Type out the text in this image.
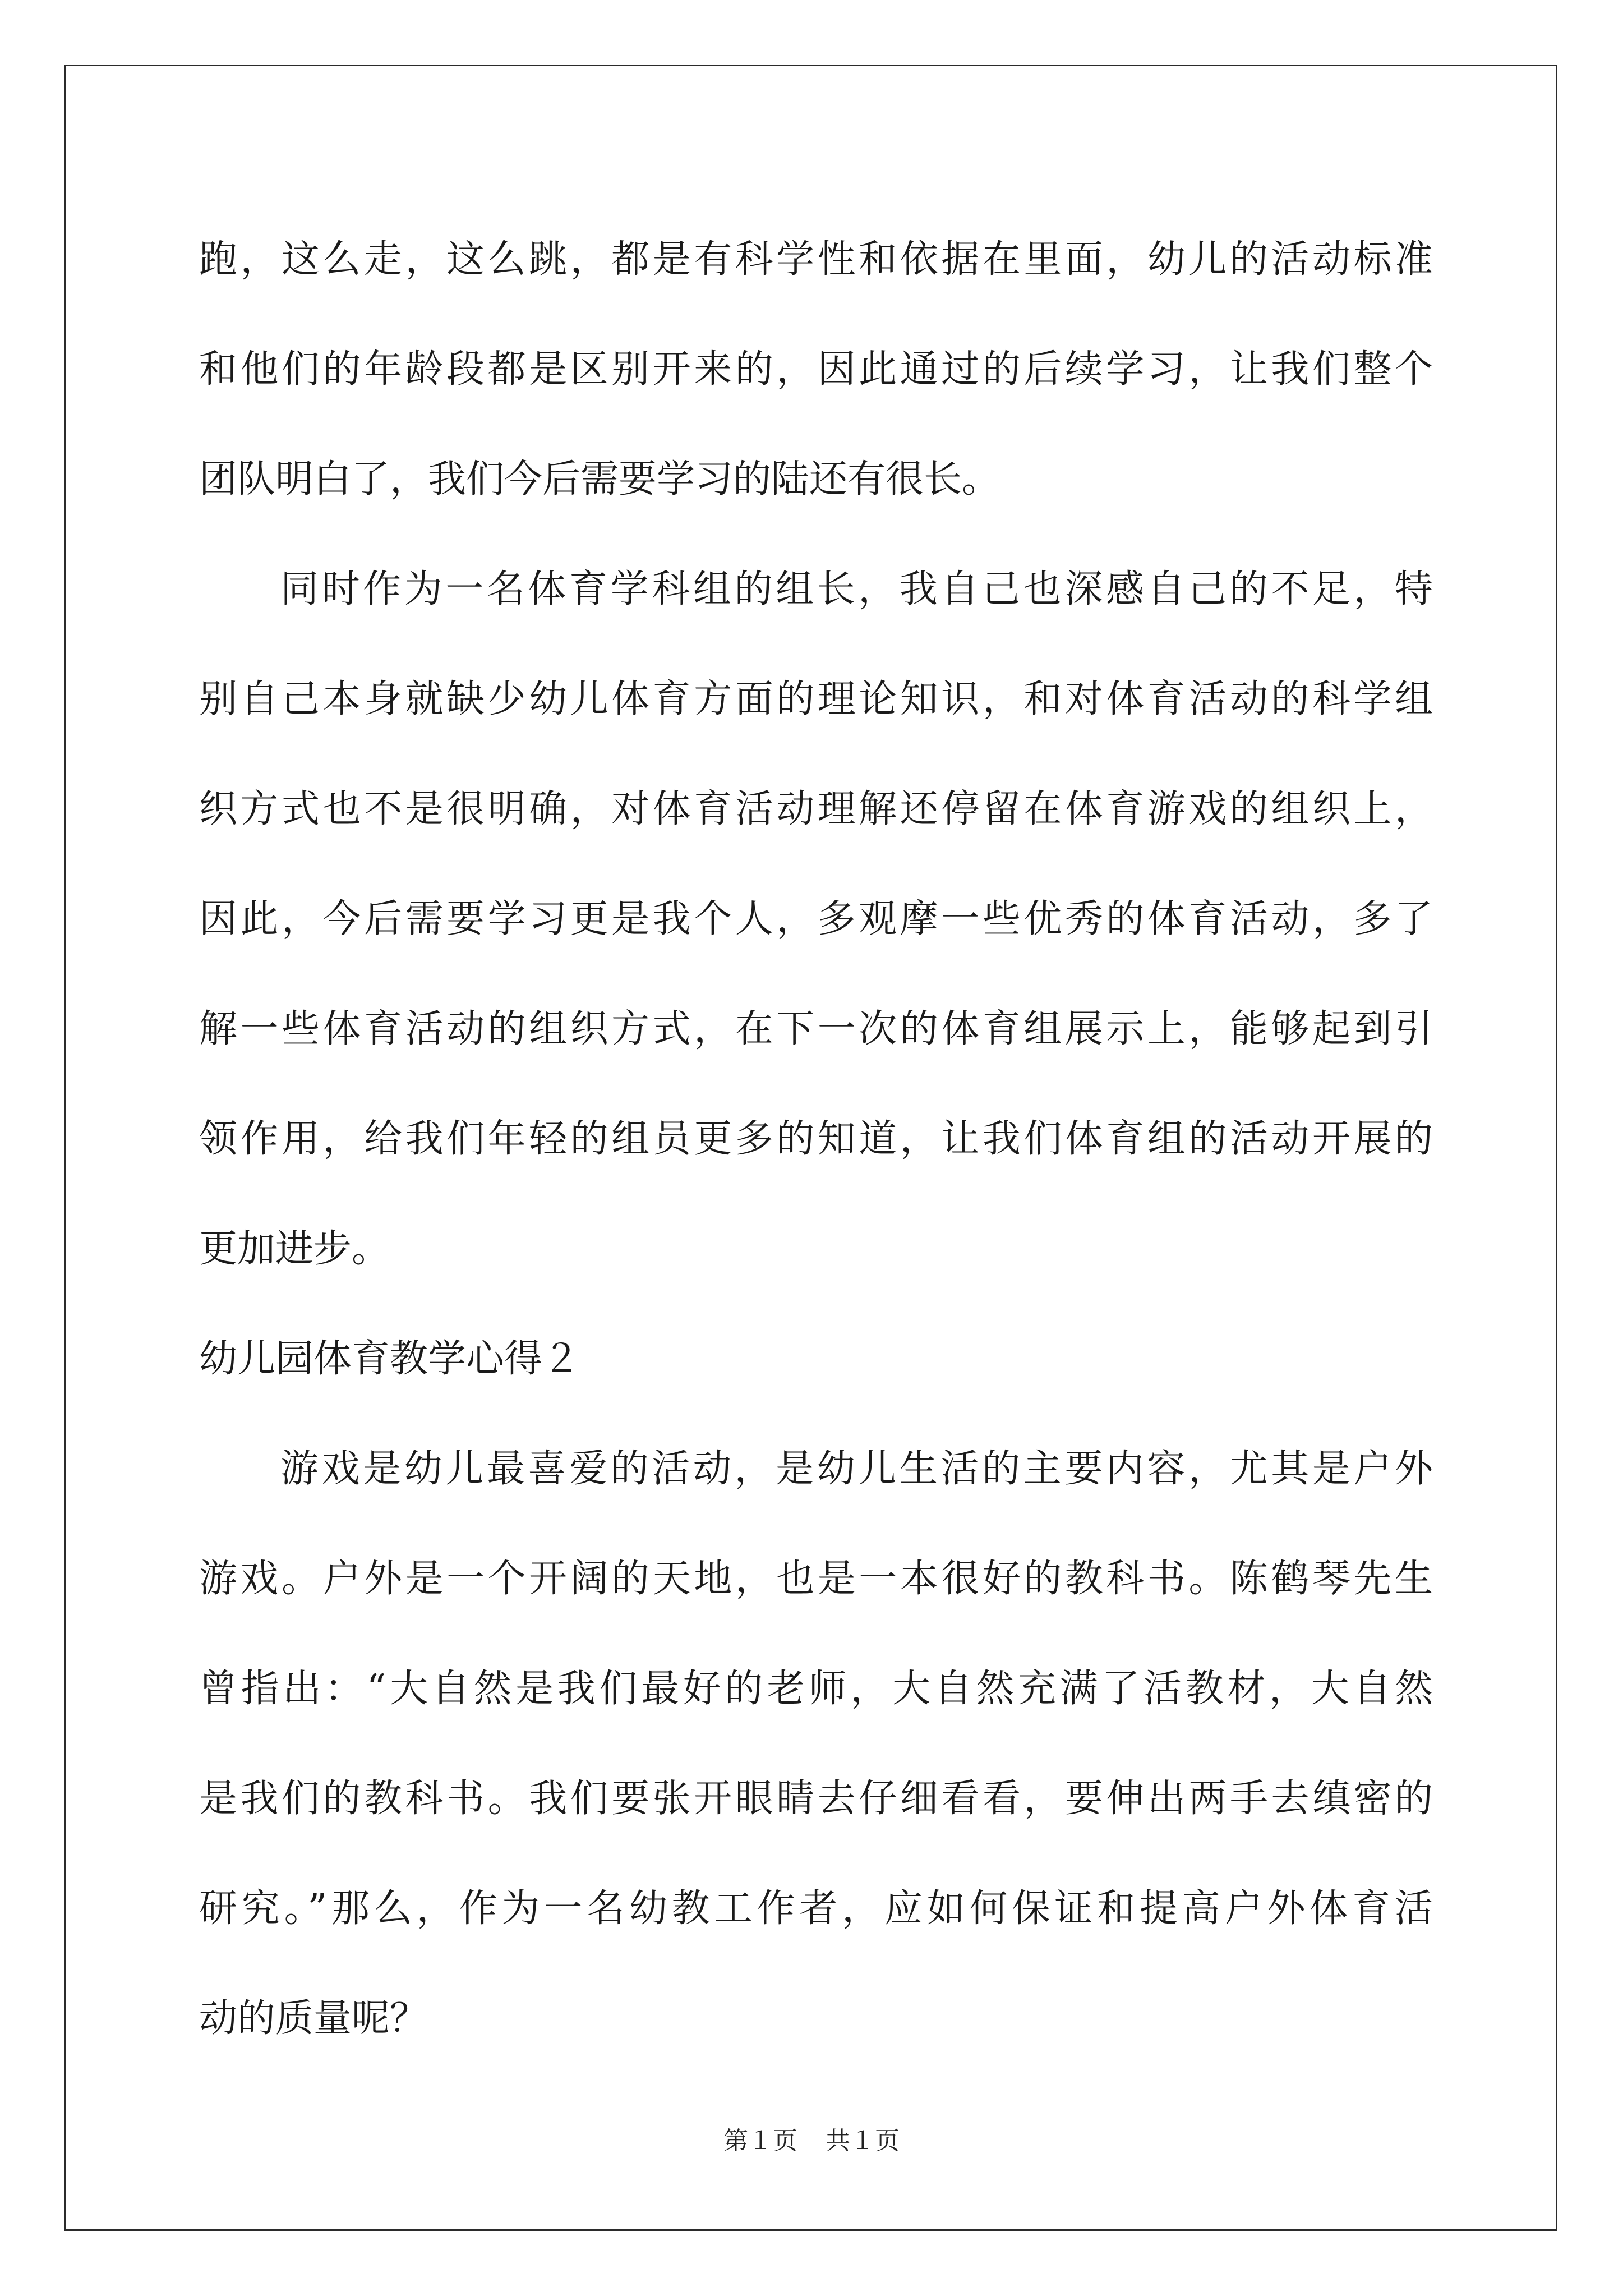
跑，这么走，这么跳，都是有科学性和依据在里面，幼儿的活动标准
和他们的年龄段都是区别开来的，因此通过的后续学习，让我们整个
团队明白了，我们今后需要学习的陆还有很长。
同时作为一名体育学科组的组长，我自己也深感自己的不足，特
别自己本身就缺少幼儿体育方面的理论知识，和对体育活动的科学组
织方式也不是很明确，对体育活动理解还停留在体育游戏的组织上，
因此，今后需要学习更是我个人，多观摩一些优秀的体育活动，多了
解一些体育活动的组织方式，在下一次的体育组展示上，能够起到引
领作用，给我们年轻的组员更多的知道，让我们体育组的活动开展的
更加进步。
幼儿园体育教学心得２
游戏是幼儿最喜爱的活动，是幼儿生活的主要内容，尤其是户外
游戏。户外是一个开阔的天地，也是一本很好的教科书。陈鹤琴先生
曾指出：“大自然是我们最好的老师，大自然充满了活教材，大自然
是我们的教科书。我们要张开眼睛去仔细看看，要伸出两手去缜密的
研究。”那么，作为一名幼教工作者，应如何保证和提高户外体育活
动的质量呢？
第１页 共１页
